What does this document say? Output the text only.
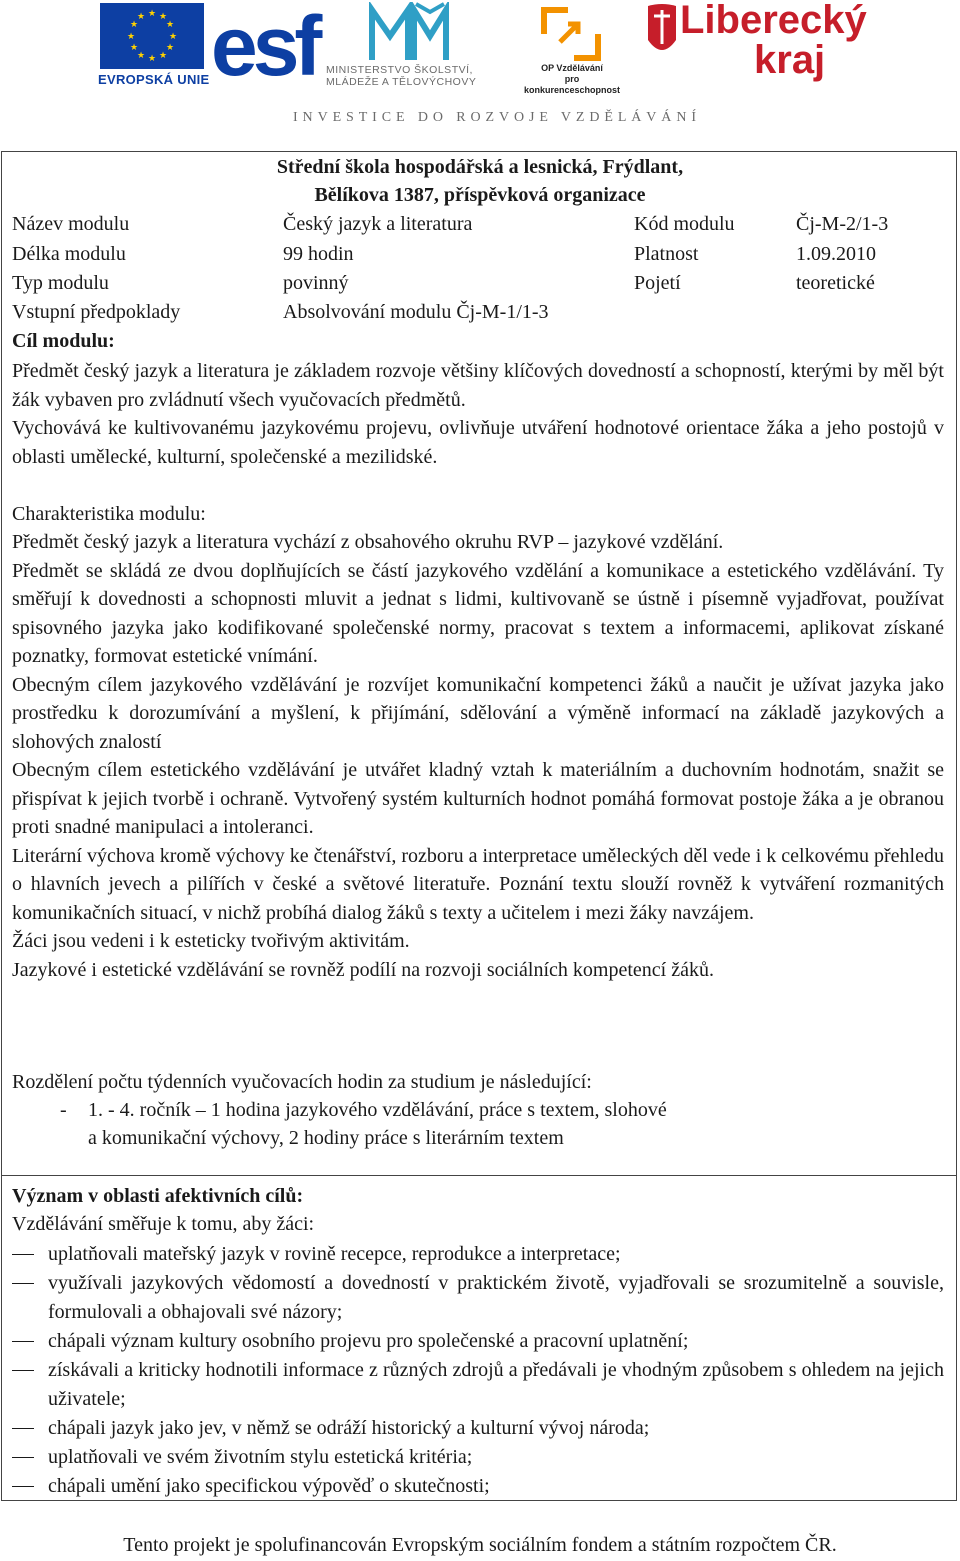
★ ★
★
★
★
★
★
★
★
★
★
★
EVROPSKÁ UNIE esf MINISTERSTVO ŠKOLSTVÍ,
MLÁDEŽE A TĚLOVÝCHOVY
OP Vzdělávání
pro konkurenceschopnost
Liberecký
kraj
INVESTICE DO ROZVOJE VZDĚLÁVÁNÍ
Střední škola hospodářská a lesnická, Frýdlant,
Bělíkova 1387, příspěvková organizace
Název modulu	Český jazyk a literatura	Kód modulu	Čj-M-2/1-3
Délka modulu	99 hodin	Platnost	1.09.2010
Typ modulu	povinný	Pojetí	teoretické
Vstupní předpoklady	Absolvování modulu Čj-M-1/1-3
Cíl modulu:

Předmět český jazyk a literatura je základem rozvoje většiny klíčových dovedností a schopností, kterými by měl být žák vybaven pro zvládnutí všech vyučovacích předmětů.

Vychovává ke kultivovanému jazykovému projevu, ovlivňuje utváření hodnotové orientace žáka a jeho postojů v oblasti umělecké, kulturní, společenské a mezilidské.

Charakteristika modulu:

Předmět český jazyk a literatura vychází z obsahového okruhu RVP – jazykové vzdělání.

Předmět se skládá ze dvou doplňujících se částí jazykového vzdělání a komunikace a estetického vzdělávání. Ty směřují k dovednosti a schopnosti mluvit a jednat s lidmi, kultivovaně se ústně i písemně vyjadřovat, používat spisovného jazyka jako kodifikované společenské normy, pracovat s textem a informacemi, aplikovat získané poznatky, formovat estetické vnímání.

Obecným cílem jazykového vzdělávání je rozvíjet komunikační kompetenci žáků a naučit je užívat jazyka jako prostředku k dorozumívání a myšlení, k přijímání, sdělování a výměně informací na základě jazykových a slohových znalostí

Obecným cílem estetického vzdělávání je utvářet kladný vztah k materiálním a duchovním hodnotám, snažit se přispívat k jejich tvorbě i ochraně. Vytvořený systém kulturních hodnot pomáhá formovat postoje žáka a je obranou proti snadné manipulaci a intoleranci.

Literární výchova kromě výchovy ke čtenářství, rozboru a interpretace uměleckých děl vede i k celkovému přehledu o hlavních jevech a pilířích v české a světové literatuře. Poznání textu slouží rovněž k vytváření rozmanitých komunikačních situací, v nichž probíhá dialog žáků s texty a učitelem i mezi žáky navzájem.

Žáci jsou vedeni i k esteticky tvořivým aktivitám.

Jazykové i estetické vzdělávání se rovněž podílí na rozvoji sociálních kompetencí žáků.

Rozdělení počtu týdenních vyučovacích hodin za studium je následující:
- 1. - 4. ročník – 1 hodina jazykového vzdělávání, práce s textem, slohové
a komunikační výchovy, 2 hodiny práce s literárním textem
Význam v oblasti afektivních cílů:
Vzdělávání směřuje k tomu, aby žáci:
uplatňovali mateřský jazyk v rovině recepce, reprodukce a interpretace;
využívali jazykových vědomostí a dovedností v praktickém životě, vyjadřovali se srozumitelně a souvisle, formulovali a obhajovali své názory;
chápali význam kultury osobního projevu pro společenské a pracovní uplatnění;
získávali a kriticky hodnotili informace z různých zdrojů a předávali je vhodným způsobem s ohledem na jejich uživatele;
chápali jazyk jako jev, v němž se odráží historický a kulturní vývoj národa;
uplatňovali ve svém životním stylu estetická kritéria;
chápali umění jako specifickou výpověď o skutečnosti;
Tento projekt je spolufinancován Evropským sociálním fondem a státním rozpočtem ČR.
